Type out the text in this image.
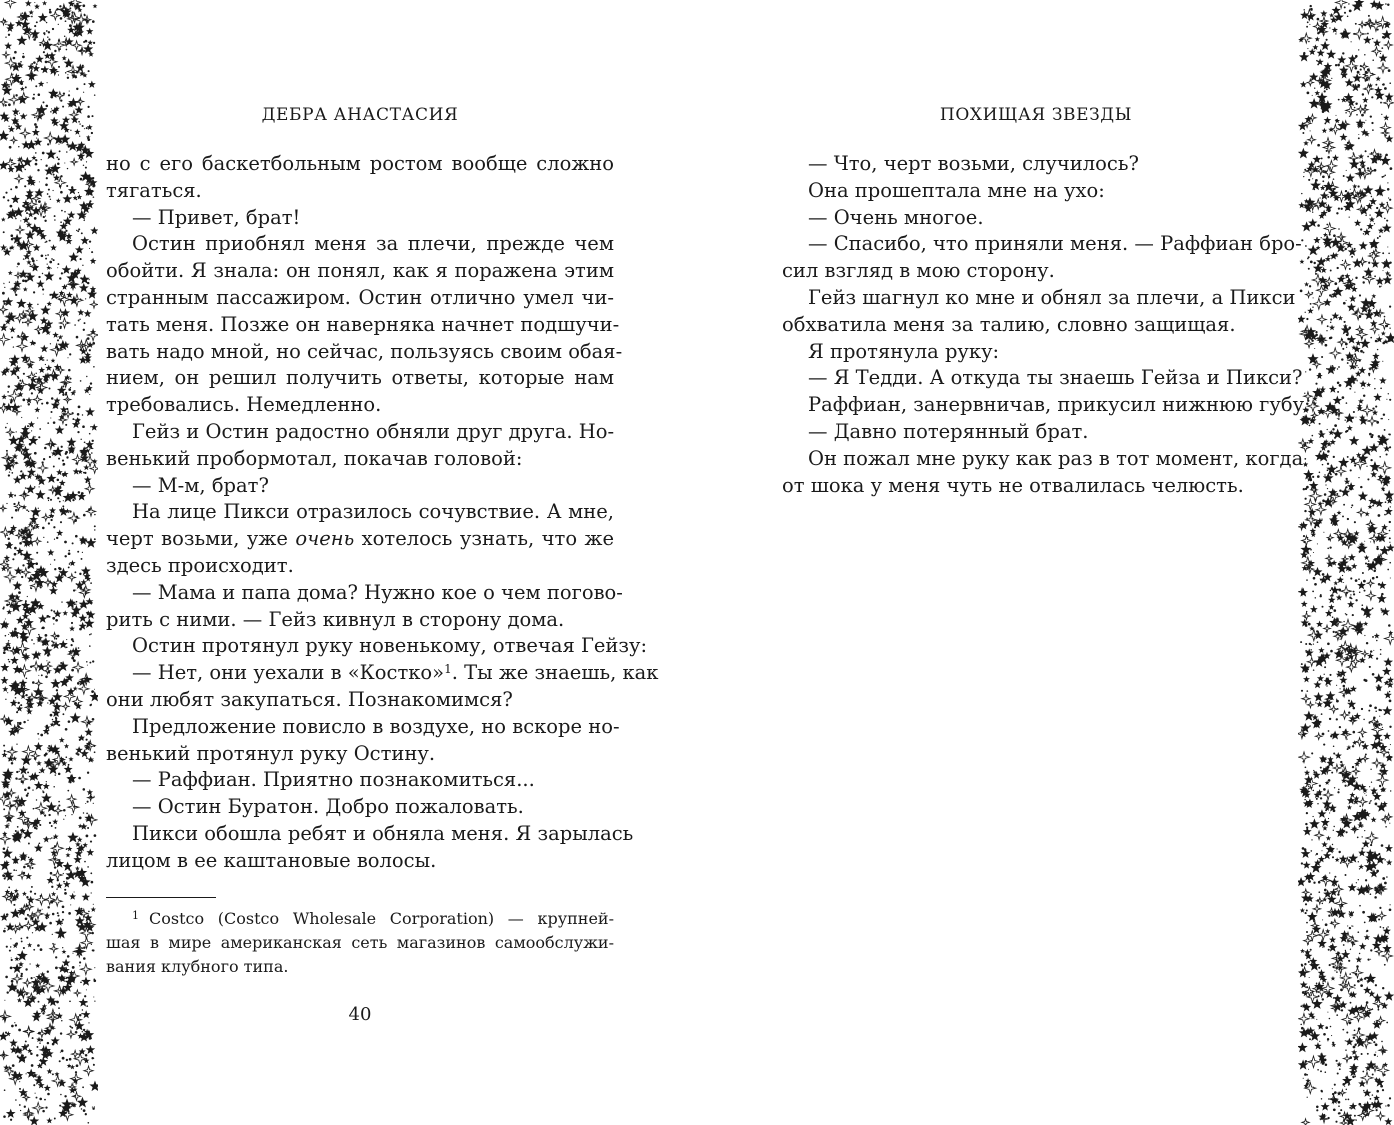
ДЕБРА АНАСТАСИЯ
но с его баскетбольным ростом вообще сложно
тягаться.
— Привет, брат!
Остин приобнял меня за плечи, прежде чем
обойти. Я знала: он понял, как я поражена этим
странным пассажиром. Остин отлично умел чи-
тать меня. Позже он наверняка начнет подшучи-
вать надо мной, но сейчас, пользуясь своим обая-
нием, он решил получить ответы, которые нам
требовались. Немедленно.
Гейз и Остин радостно обняли друг друга. Но-
венький пробормотал, покачав головой:
— М-м, брат?
На лице Пикси отразилось сочувствие. А мне,
черт возьми, уже очень хотелось узнать, что же
здесь происходит.
— Мама и папа дома? Нужно кое о чем погово-
рить с ними. — Гейз кивнул в сторону дома.
Остин протянул руку новенькому, отвечая Гейзу:
— Нет, они уехали в «Костко»$^1$. Ты же знаешь, как
они любят закупаться. Познакомимся?
Предложение повисло в воздухе, но вскоре но-
венький протянул руку Остину.
— Раффиан. Приятно познакомиться...
— Остин Буратон. Добро пожаловать.
Пикси обошла ребят и обняла меня. Я зарылась
лицом в ее каштановые волосы.
$^1$ Costco (Costco Wholesale Corporation) — крупней-
шая в мире американская сеть магазинов самообслужи-
вания клубного типа.
40
ПОХИЩАЯ ЗВЕЗДЫ
— Что, черт возьми, случилось?
Она прошептала мне на ухо:
— Очень многое.
— Спасибо, что приняли меня. — Раффиан бро-
сил взгляд в мою сторону.
Гейз шагнул ко мне и обнял за плечи, а Пикси
обхватила меня за талию, словно защищая.
Я протянула руку:
— Я Тедди. А откуда ты знаешь Гейза и Пикси?
Раффиан, занервничав, прикусил нижнюю губу:
— Давно потерянный брат.
Он пожал мне руку как раз в тот момент, когда
от шока у меня чуть не отвалилась челюсть.
